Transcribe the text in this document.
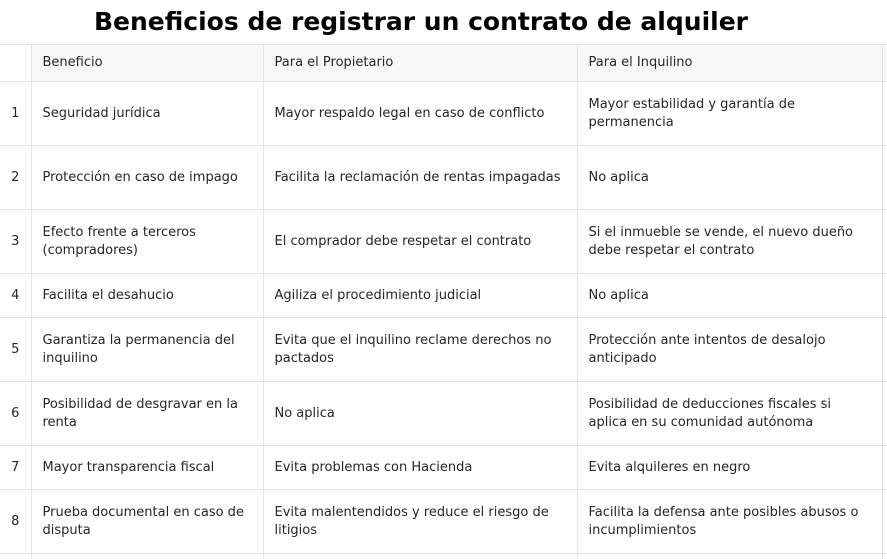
Beneficios de registrar un contrato de alquiler
	Beneficio	Para el Propietario	Para el Inquilino	
1	Seguridad jurídica	Mayor respaldo legal en caso de conflicto	Mayor estabilidad y garantía de permanencia	
2	Protección en caso de impago	Facilita la reclamación de rentas impagadas	No aplica	
3	Efecto frente a terceros (compradores)	El comprador debe respetar el contrato	Si el inmueble se vende, el nuevo dueño debe respetar el contrato	
4	Facilita el desahucio	Agiliza el procedimiento judicial	No aplica	
5	Garantiza la permanencia del inquilino	Evita que el inquilino reclame derechos no pactados	Protección ante intentos de desalojo anticipado	
6	Posibilidad de desgravar en la renta	No aplica	Posibilidad de deducciones fiscales si aplica en su comunidad autónoma	
7	Mayor transparencia fiscal	Evita problemas con Hacienda	Evita alquileres en negro	
8	Prueba documental en caso de disputa	Evita malentendidos y reduce el riesgo de litigios	Facilita la defensa ante posibles abusos o incumplimientos	
